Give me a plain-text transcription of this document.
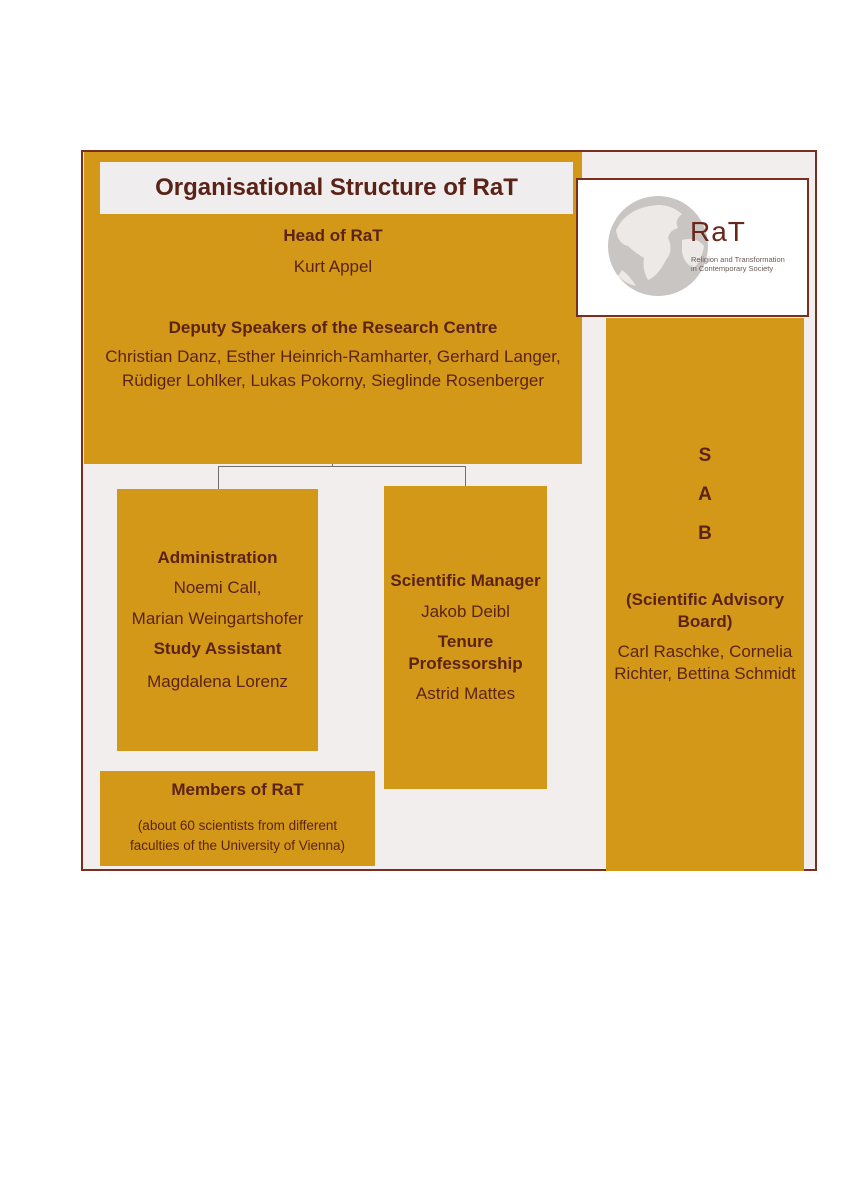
Organisational Structure of RaT
Head of RaT
Kurt Appel
Deputy Speakers of the Research Centre
Christian Danz, Esther Heinrich-Ramharter, Gerhard Langer,
Rüdiger Lohlker, Lukas Pokorny, Sieglinde Rosenberger
RaT
Religion and Transformation
in Contemporary Society
Administration
Noemi Call,
Marian Weingartshofer
Study Assistant
Magdalena Lorenz
Scientific Manager
Jakob Deibl
Tenure
Professorship
Astrid Mattes
Members of RaT
(about 60 scientists from different
faculties of the University of Vienna)
S
A
B
(Scientific Advisory
Board)
Carl Raschke, Cornelia
Richter, Bettina Schmidt
